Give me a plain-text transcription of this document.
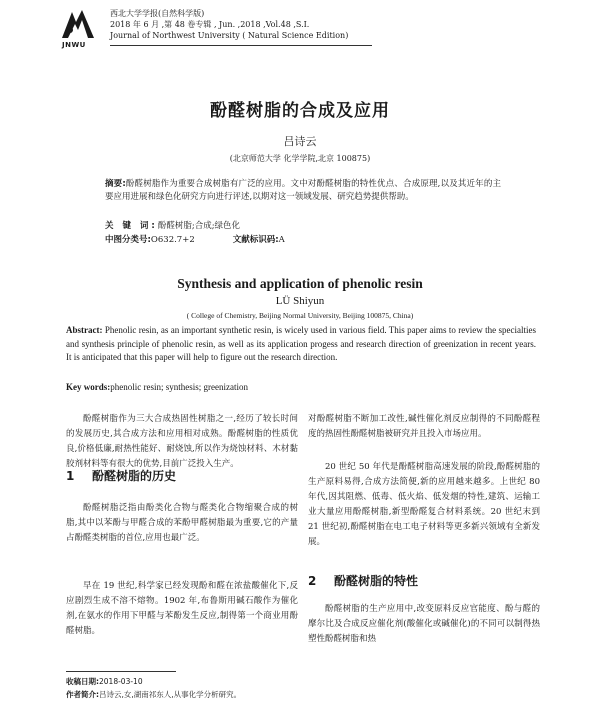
JNWU
西北大学学报(自然科学版)
2018 年 6 月 ,第 48 卷专辑 , Jun. ,2018 ,Vol.48 ,S.I.
Journal of Northwest University ( Natural Science Edition)
酚醛树脂的合成及应用
吕诗云
(北京师范大学 化学学院,北京 100875)
摘要:酚醛树脂作为重要合成树脂有广泛的应用。文中对酚醛树脂的特性优点、合成原理,以及其近年的主要应用进展和绿色化研究方向进行评述,以期对这一领域发展、研究趋势提供帮助。
关 键 词:酚醛树脂;合成;绿色化
中图分类号:O632.7+2	文献标识码:A
Synthesis and application of phenolic resin
LÜ Shiyun
( College of Chemistry, Beijing Normal University, Beijing 100875, China)
Abstract: Phenolic resin, as an important synthetic resin, is wicely used in various field. This paper aims to review the specialties and synthesis principle of phenolic resin, as well as its application progess and research direction of greenization in recent years. It is anticipated that this paper will help to figure out the research direction.
Key words:phenolic resin; synthesis; greenization

酚醛树脂作为三大合成热固性树脂之一,经历了较长时间的发展历史,其合成方法和应用相对成熟。酚醛树脂的性质优良,价格低廉,耐热性能好、耐烧蚀,所以作为烧蚀材料、木材黏胶剂材料等有很大的优势,目前广泛投入生产。

1 酚醛树脂的历史

酚醛树脂泛指由酚类化合物与醛类化合物缩聚合成的树脂,其中以苯酚与甲醛合成的苯酚甲醛树脂最为重要,它的产量占酚醛类树脂的首位,应用也最广泛。

早在 19 世纪,科学家已经发现酚和醛在浓盐酸催化下,反应剧烈生成不溶不熔物。1902 年,布鲁斯用碱石酸作为催化剂,在氨水的作用下甲醛与苯酚发生反应,制得第一个商业用酚醛树脂。

对酚醛树脂不断加工改性,碱性催化剂反应制得的不同酚醛程度的热固性酚醛树脂被研究并且投入市场应用。

20 世纪 50 年代是酚醛树脂高速发展的阶段,酚醛树脂的生产原料易得,合成方法简便,新的应用越来越多。上世纪 80 年代,因其阻燃、低毒、低火焰、低发烟的特性,建筑、运输工业大量应用酚醛树脂,新型酚醛复合材料系统。20 世纪末到 21 世纪初,酚醛树脂在电工电子材料等更多新兴领域有全新发展。

2 酚醛树脂的特性

酚醛树脂的生产应用中,改变原料反应官能度、酚与醛的摩尔比及合成反应催化剂(酸催化或碱催化)的不同可以制得热塑性酚醛树脂和热

收稿日期:2018-03-10
作者简介:吕诗云,女,湖南祁东人,从事化学分析研究。
